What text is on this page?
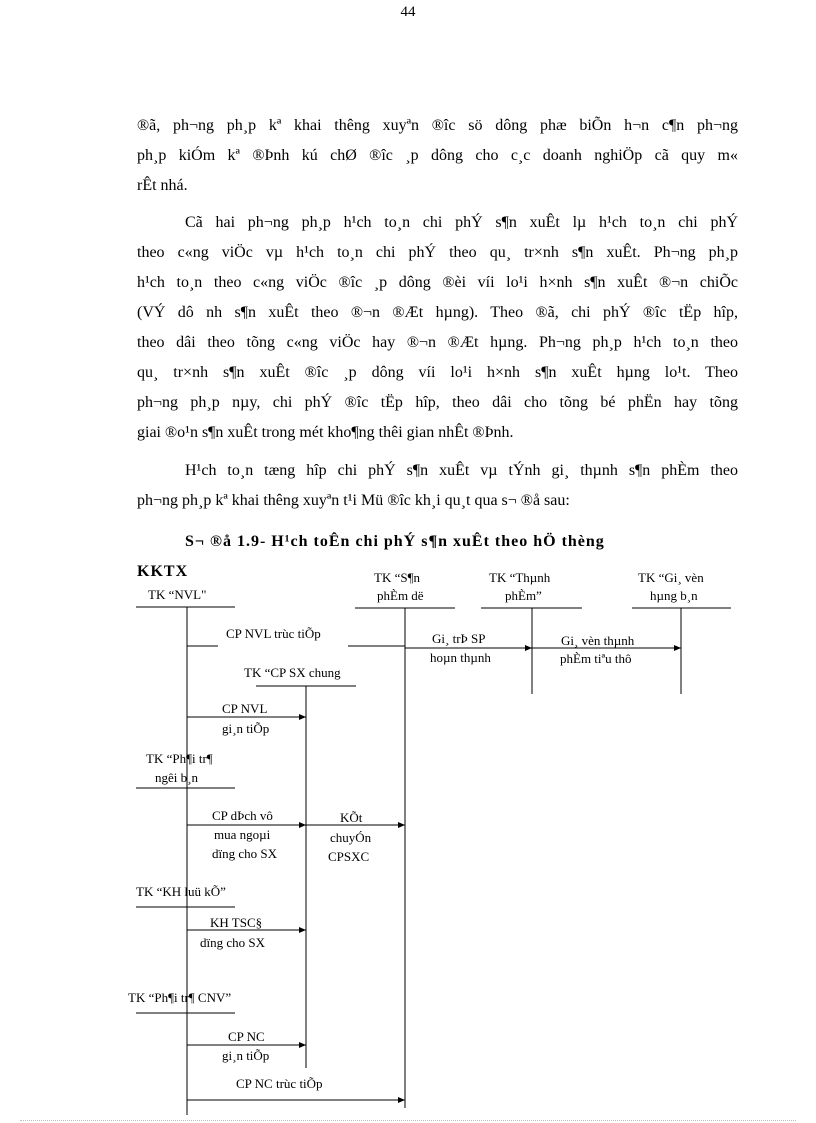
44

®ã, ph¬ng ph¸p kª khai thêng xuyªn ®îc sö dông phæ biÕn h¬n c¶n ph¬ng
ph¸p kiÓm kª ®Þnh kú chØ ®îc ¸p dông cho c¸c doanh nghiÖp cã quy m«
rÊt nhá.

Cã hai ph¬ng ph¸p h¹ch to¸n chi phÝ s¶n xuÊt lµ h¹ch to¸n chi phÝ
theo c«ng viÖc vµ h¹ch to¸n chi phÝ theo qu¸ tr×nh s¶n xuÊt. Ph¬ng ph¸p
h¹ch to¸n theo c«ng viÖc ®îc ¸p dông ®èi víi lo¹i h×nh s¶n xuÊt ®¬n chiÕc
(VÝ dô nh s¶n xuÊt theo ®¬n ®Æt hµng). Theo ®ã, chi phÝ ®îc tËp hîp,
theo dâi theo tõng c«ng viÖc hay ®¬n ®Æt hµng. Ph¬ng ph¸p h¹ch to¸n theo
qu¸ tr×nh s¶n xuÊt ®îc ¸p dông víi lo¹i h×nh s¶n xuÊt hµng lo¹t. Theo
ph¬ng ph¸p nµy, chi phÝ ®îc tËp hîp, theo dâi cho tõng bé phËn hay tõng
giai ®o¹n s¶n xuÊt trong mét kho¶ng thêi gian nhÊt ®Þnh.

H¹ch to¸n tæng hîp chi phÝ s¶n xuÊt vµ tÝnh gi¸ thµnh s¶n phÈm theo
ph¬ng ph¸p kª khai thêng xuyªn t¹i Mü ®îc kh¸i qu¸t qua s¬ ®å sau:

S¬ ®å 1.9- H¹ch toÊn chi phÝ s¶n xuÊt theo hÖ thèng
KKTX
TK “NVL"
TK “S¶n
phÈm dë
TK “Thµnh
phÈm”
TK “Gi¸ vèn
hµng b¸n
CP NVL trùc tiÕp	Gi¸ trÞ SP
hoµn thµnh
Gi¸ vèn thµnh
phÈm tiªu thô
TK “CP SX chung
CP NVL
gi¸n tiÕp
TK “Ph¶i tr¶
ngêi b¸n
CP dÞch vô
mua ngoµi
dïng cho SX
KÕt
chuyÓn
CPSXC
TK “KH luü kÕ”
KH TSC§
dïng cho SX
TK “Ph¶i tr¶ CNV”
CP NC
gi¸n tiÕp
CP NC trùc tiÕp
